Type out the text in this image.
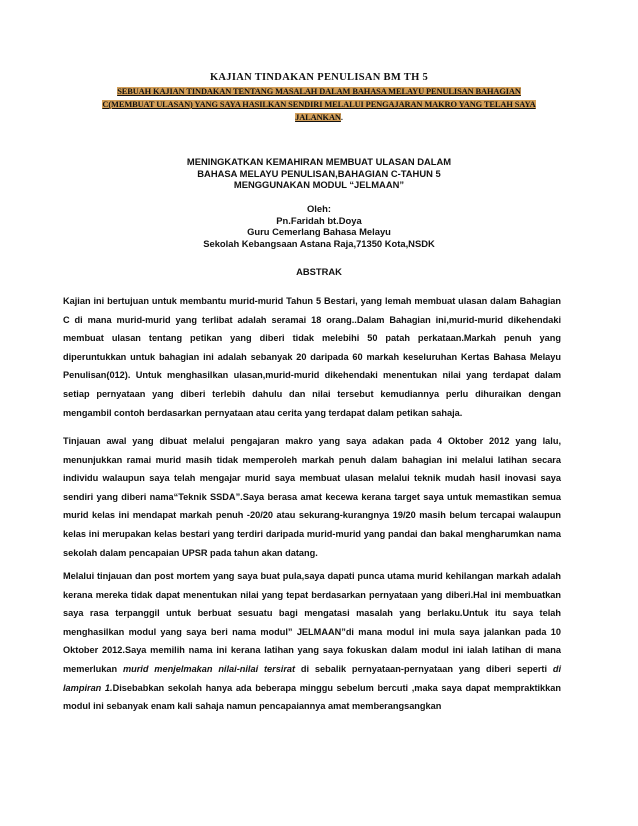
KAJIAN TINDAKAN PENULISAN BM TH 5
SEBUAH KAJIAN TINDAKAN TENTANG MASALAH DALAM BAHASA MELAYU PENULISAN BAHAGIAN C(MEMBUAT ULASAN) YANG SAYA HASILKAN SENDIRI MELALUI PENGAJARAN MAKRO YANG TELAH SAYA JALANKAN.
MENINGKATKAN KEMAHIRAN MEMBUAT ULASAN DALAM
BAHASA MELAYU PENULISAN,BAHAGIAN C-TAHUN 5
MENGGUNAKAN MODUL “JELMAAN”
Oleh:
Pn.Faridah bt.Doya
Guru Cemerlang Bahasa Melayu
Sekolah Kebangsaan Astana Raja,71350 Kota,NSDK
ABSTRAK
Kajian ini bertujuan untuk membantu murid-murid Tahun 5 Bestari, yang lemah membuat ulasan dalam Bahagian C di mana murid-murid yang terlibat adalah seramai 18 orang..Dalam Bahagian ini,murid-murid dikehendaki membuat ulasan tentang petikan yang diberi tidak melebihi 50 patah perkataan.Markah penuh yang diperuntukkan untuk bahagian ini adalah sebanyak 20 daripada 60 markah keseluruhan Kertas Bahasa Melayu Penulisan(012). Untuk menghasilkan ulasan,murid-murid dikehendaki menentukan nilai yang terdapat dalam setiap pernyataan yang diberi terlebih dahulu dan nilai tersebut kemudiannya perlu dihuraikan dengan mengambil contoh berdasarkan pernyataan atau cerita yang terdapat dalam petikan sahaja.
Tinjauan awal yang dibuat melalui pengajaran makro yang saya adakan pada 4 Oktober 2012 yang lalu, menunjukkan ramai murid masih tidak memperoleh markah penuh dalam bahagian ini melalui latihan secara individu walaupun saya telah mengajar murid saya membuat ulasan melalui teknik mudah hasil inovasi saya sendiri yang diberi nama“Teknik SSDA”.Saya berasa amat kecewa kerana target saya untuk memastikan semua murid kelas ini mendapat markah penuh -20/20 atau sekurang-kurangnya 19/20 masih belum tercapai walaupun kelas ini merupakan kelas bestari yang terdiri daripada murid-murid yang pandai dan bakal mengharumkan nama sekolah dalam pencapaian UPSR pada tahun akan datang.
Melalui tinjauan dan post mortem yang saya buat pula,saya dapati punca utama murid kehilangan markah adalah kerana mereka tidak dapat menentukan nilai yang tepat berdasarkan pernyataan yang diberi.Hal ini membuatkan saya rasa terpanggil untuk berbuat sesuatu bagi mengatasi masalah yang berlaku.Untuk itu saya telah menghasilkan modul yang saya beri nama modul” JELMAAN”di mana modul ini mula saya jalankan pada 10 Oktober 2012.Saya memilih nama ini kerana latihan yang saya fokuskan dalam modul ini ialah latihan di mana memerlukan murid menjelmakan nilai-nilai tersirat di sebalik pernyataan-pernyataan yang diberi seperti di lampiran 1.Disebabkan sekolah hanya ada beberapa minggu sebelum bercuti ,maka saya dapat mempraktikkan modul ini sebanyak enam kali sahaja namun pencapaiannya amat memberangsangkan
